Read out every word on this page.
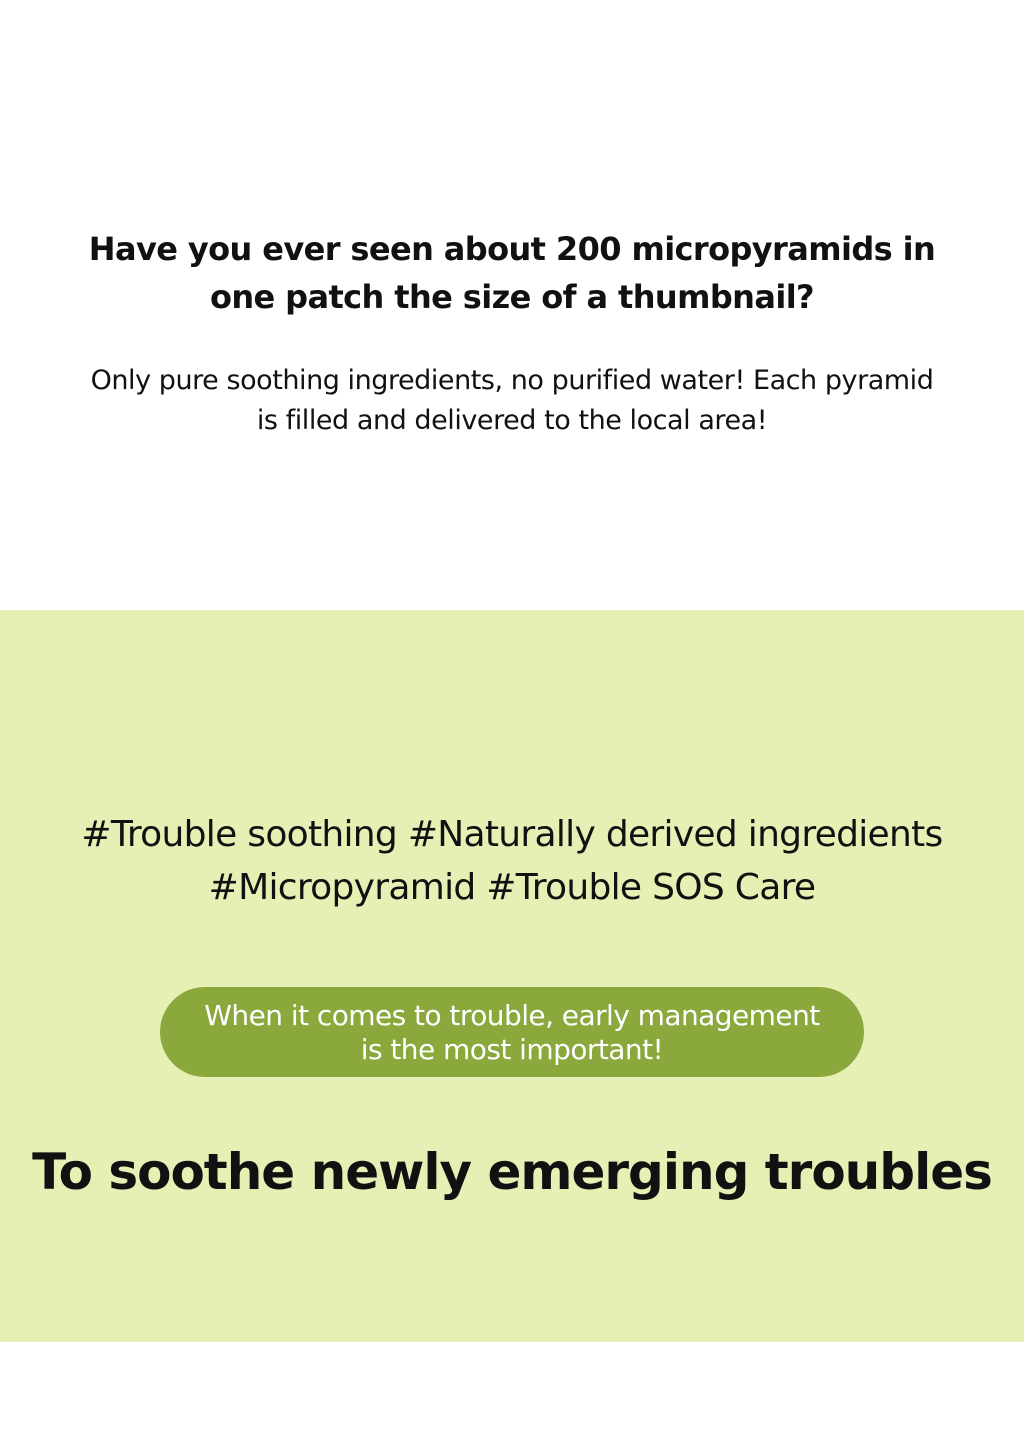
Have you ever seen about 200 micropyramids in
one patch the size of a thumbnail?

Only pure soothing ingredients, no purified water! Each pyramid
is filled and delivered to the local area!

#Trouble soothing #Naturally derived ingredients
#Micropyramid #Trouble SOS Care

When it comes to trouble, early management
is the most important!
To soothe newly emerging troubles
